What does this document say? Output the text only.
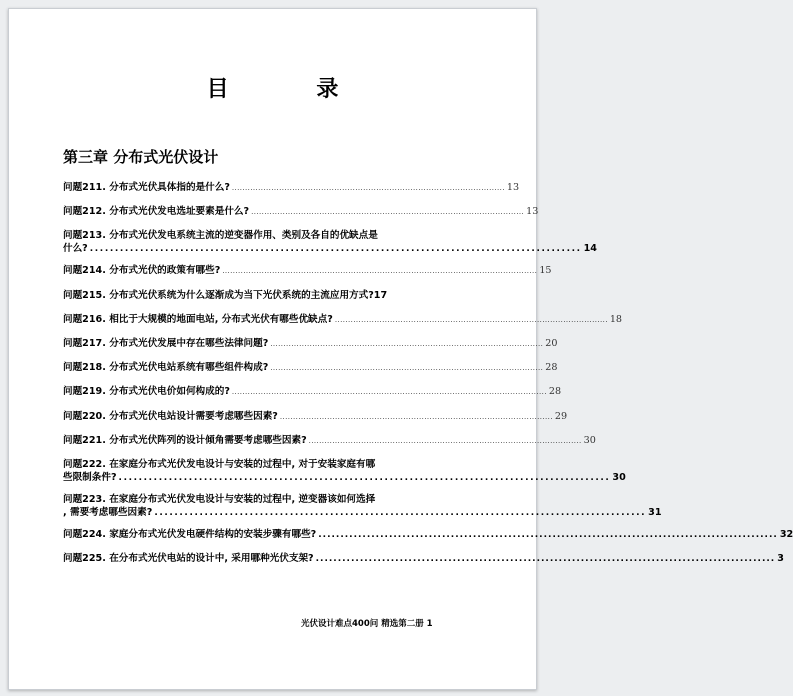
目 录
第三章 分布式光伏设计
问题211. 分布式光伏具体指的是什么? ........................................................................................................ 13
问题212. 分布式光伏发电选址要素是什么? ........................................................................................................ 13
问题213. 分布式光伏发电系统主流的逆变器作用、类别及各自的优缺点是
什么? .................................................................................................. 14
问题214. 分布式光伏的政策有哪些? ........................................................................................................................ 15
问题215. 分布式光伏系统为什么逐渐成为当下光伏系统的主流应用方式?17
问题216. 相比于大规模的地面电站, 分布式光伏有哪些优缺点? ........................................................................................................ 18
问题217. 分布式光伏发展中存在哪些法律问题? ........................................................................................................ 20
问题218. 分布式光伏电站系统有哪些组件构成? ........................................................................................................ 28
问题219. 分布式光伏电价如何构成的? ........................................................................................................................ 28
问题220. 分布式光伏电站设计需要考虑哪些因素? ........................................................................................................ 29
问题221. 分布式光伏阵列的设计倾角需要考虑哪些因素? ........................................................................................................ 30
问题222. 在家庭分布式光伏发电设计与安装的过程中, 对于安装家庭有哪
些限制条件? .................................................................................................. 30
问题223. 在家庭分布式光伏发电设计与安装的过程中, 逆变器该如何选择
, 需要考虑哪些因素? .................................................................................................. 31
问题224. 家庭分布式光伏发电硬件结构的安装步骤有哪些? ........................................................................................................ 32
问题225. 在分布式光伏电站的设计中, 采用哪种光伏支架? ........................................................................................................ 3
光伏设计难点400问 精选第二册 1
